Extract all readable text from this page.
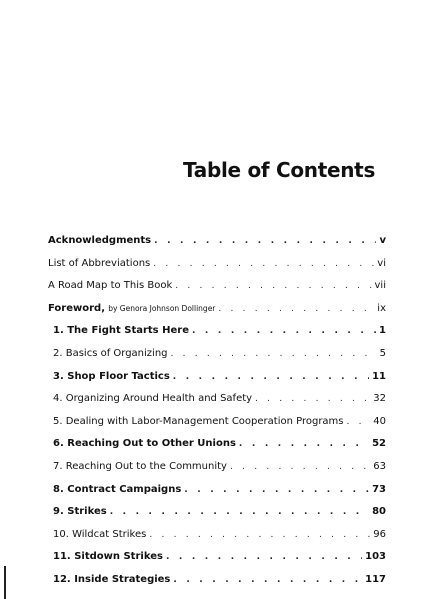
Table of Contents
Acknowledgments . . .	v
List of Abbreviations . . .	vi
A Road Map to This Book . . .	vii
Foreword, by Genora Johnson Dollinger . . .	ix
1. The Fight Starts Here . . .	1
2. Basics of Organizing . . .	5
3. Shop Floor Tactics . . .	11
4. Organizing Around Health and Safety . . .	32
5. Dealing with Labor-Management Cooperation Programs . . .	40
6. Reaching Out to Other Unions . . .	52
7. Reaching Out to the Community . . .	63
8. Contract Campaigns . . .	73
9. Strikes . . .	80
10. Wildcat Strikes . . .	96
11. Sitdown Strikes . . .	103
12. Inside Strategies . . .	117
